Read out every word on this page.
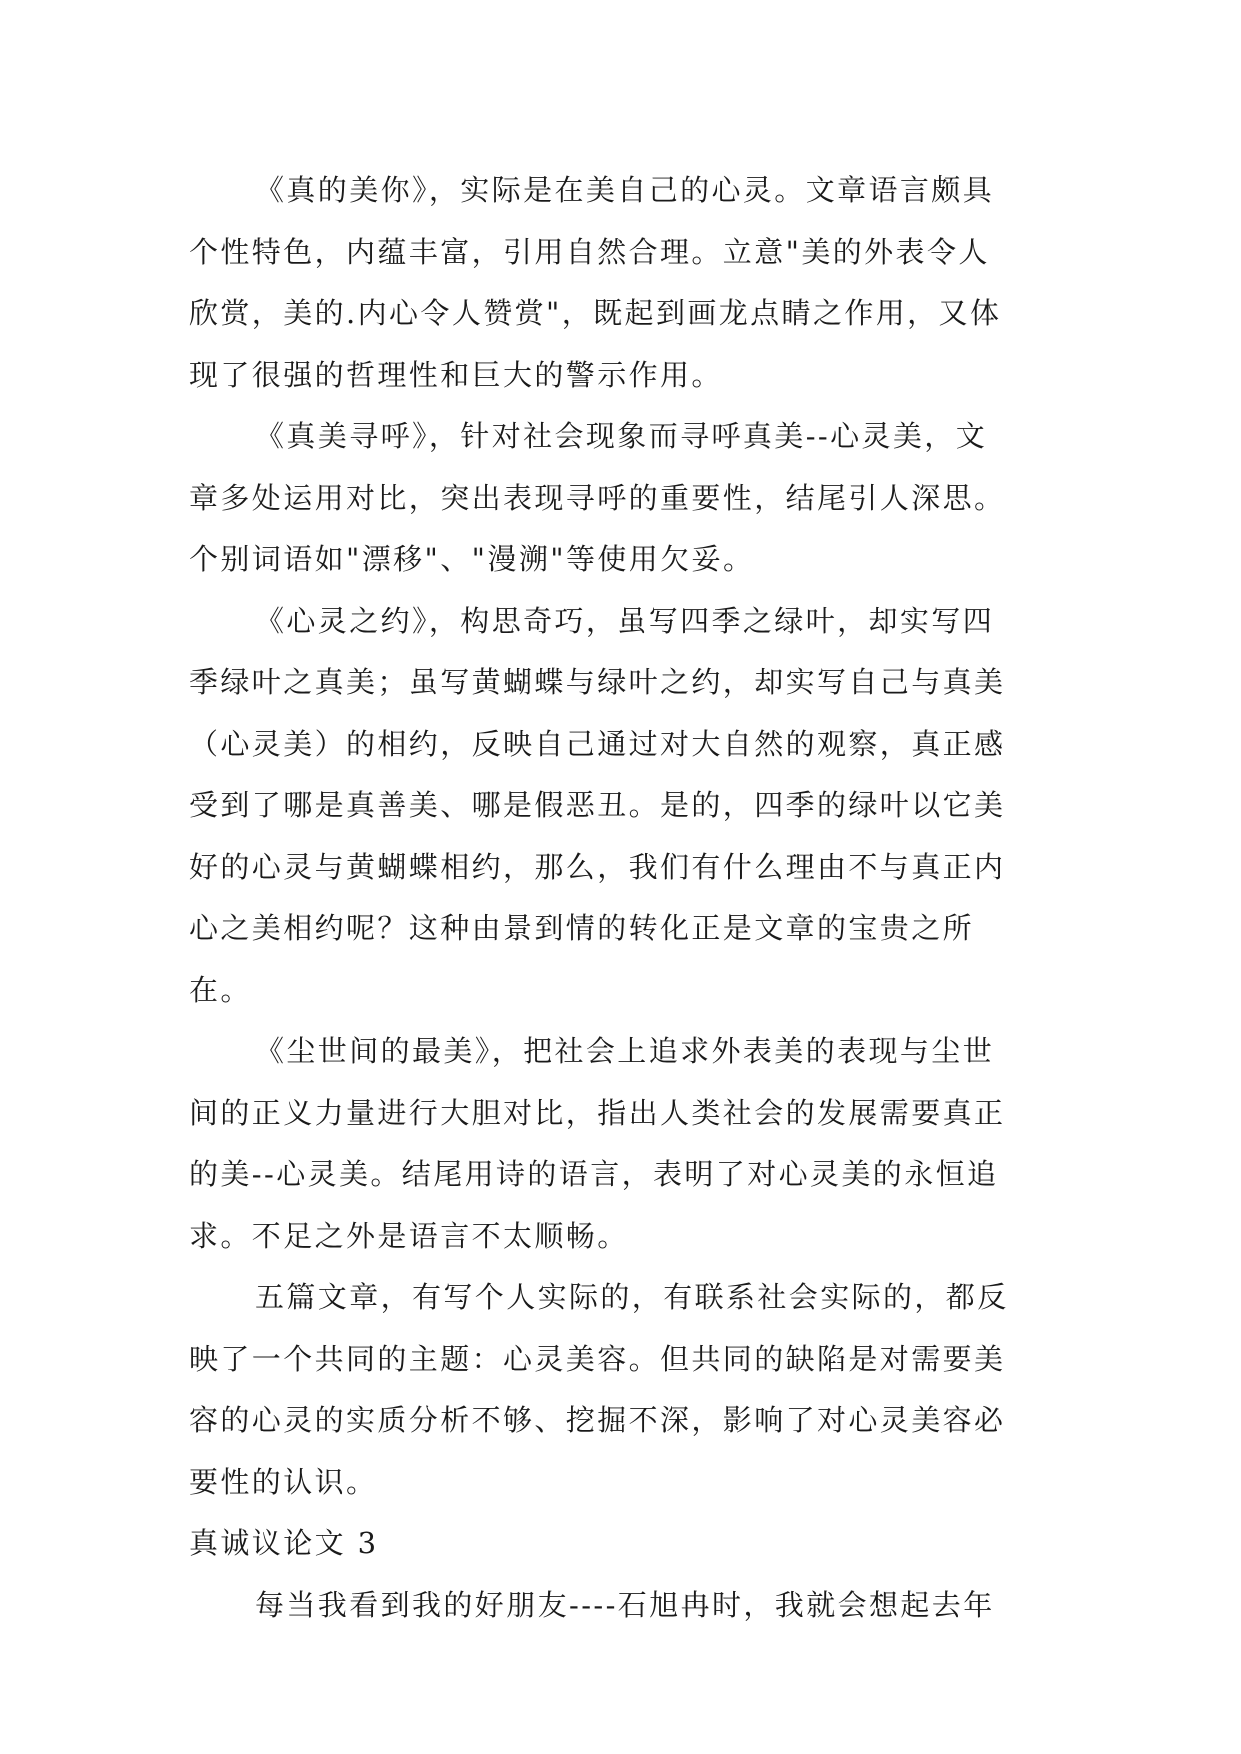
《真的美你》，实际是在美自己的心灵。文章语言颇具
个性特色，内蕴丰富，引用自然合理。立意"美的外表令人
欣赏，美的.内心令人赞赏"，既起到画龙点睛之作用，又体
现了很强的哲理性和巨大的警示作用。
《真美寻呼》，针对社会现象而寻呼真美--心灵美，文
章多处运用对比，突出表现寻呼的重要性，结尾引人深思。
个别词语如"漂移"、"漫溯"等使用欠妥。
《心灵之约》，构思奇巧，虽写四季之绿叶，却实写四
季绿叶之真美；虽写黄蝴蝶与绿叶之约，却实写自己与真美
（心灵美）的相约，反映自己通过对大自然的观察，真正感
受到了哪是真善美、哪是假恶丑。是的，四季的绿叶以它美
好的心灵与黄蝴蝶相约，那么，我们有什么理由不与真正内
心之美相约呢？这种由景到情的转化正是文章的宝贵之所
在。
《尘世间的最美》，把社会上追求外表美的表现与尘世
间的正义力量进行大胆对比，指出人类社会的发展需要真正
的美--心灵美。结尾用诗的语言，表明了对心灵美的永恒追
求。不足之外是语言不太顺畅。
五篇文章，有写个人实际的，有联系社会实际的，都反
映了一个共同的主题：心灵美容。但共同的缺陷是对需要美
容的心灵的实质分析不够、挖掘不深，影响了对心灵美容必
要性的认识。
真诚议论文 3
每当我看到我的好朋友----石旭冉时，我就会想起去年
